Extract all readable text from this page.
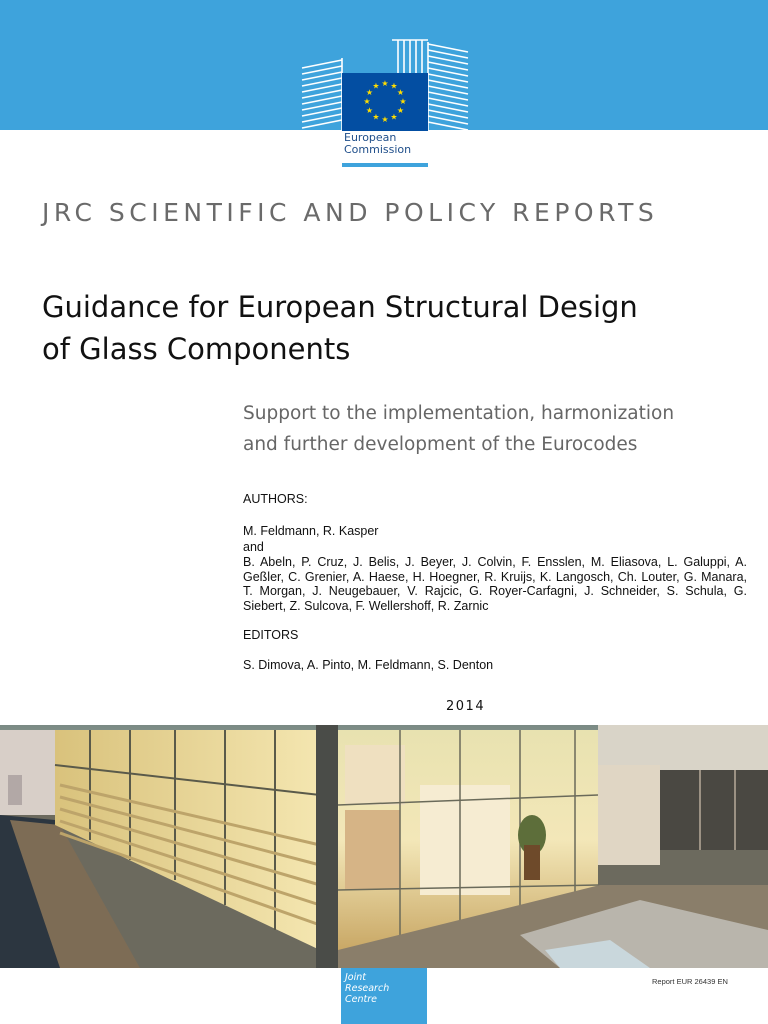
★ ★
★
★
★
★
★
★
★
★
★
★
European
Commission
JRC SCIENTIFIC AND POLICY REPORTS
Guidance for European Structural Design
of Glass Components
Support to the implementation, harmonization
and further development of the Eurocodes
AUTHORS:
M. Feldmann, R. Kasper
and
B. Abeln, P. Cruz, J. Belis, J. Beyer, J. Colvin, F. Ensslen, M. Eliasova, L. Galuppi, A. Geßler, C. Grenier, A. Haese, H. Hoegner, R. Kruijs, K. Langosch, Ch. Louter, G. Manara, T. Morgan, J. Neugebauer, V. Rajcic, G. Royer-Carfagni, J. Schneider, S. Schula, G. Siebert, Z. Sulcova, F. Wellershoff, R. Zarnic
EDITORS
S. Dimova, A. Pinto, M. Feldmann, S. Denton
2014
Joint
Research
Centre
Report EUR 26439 EN
